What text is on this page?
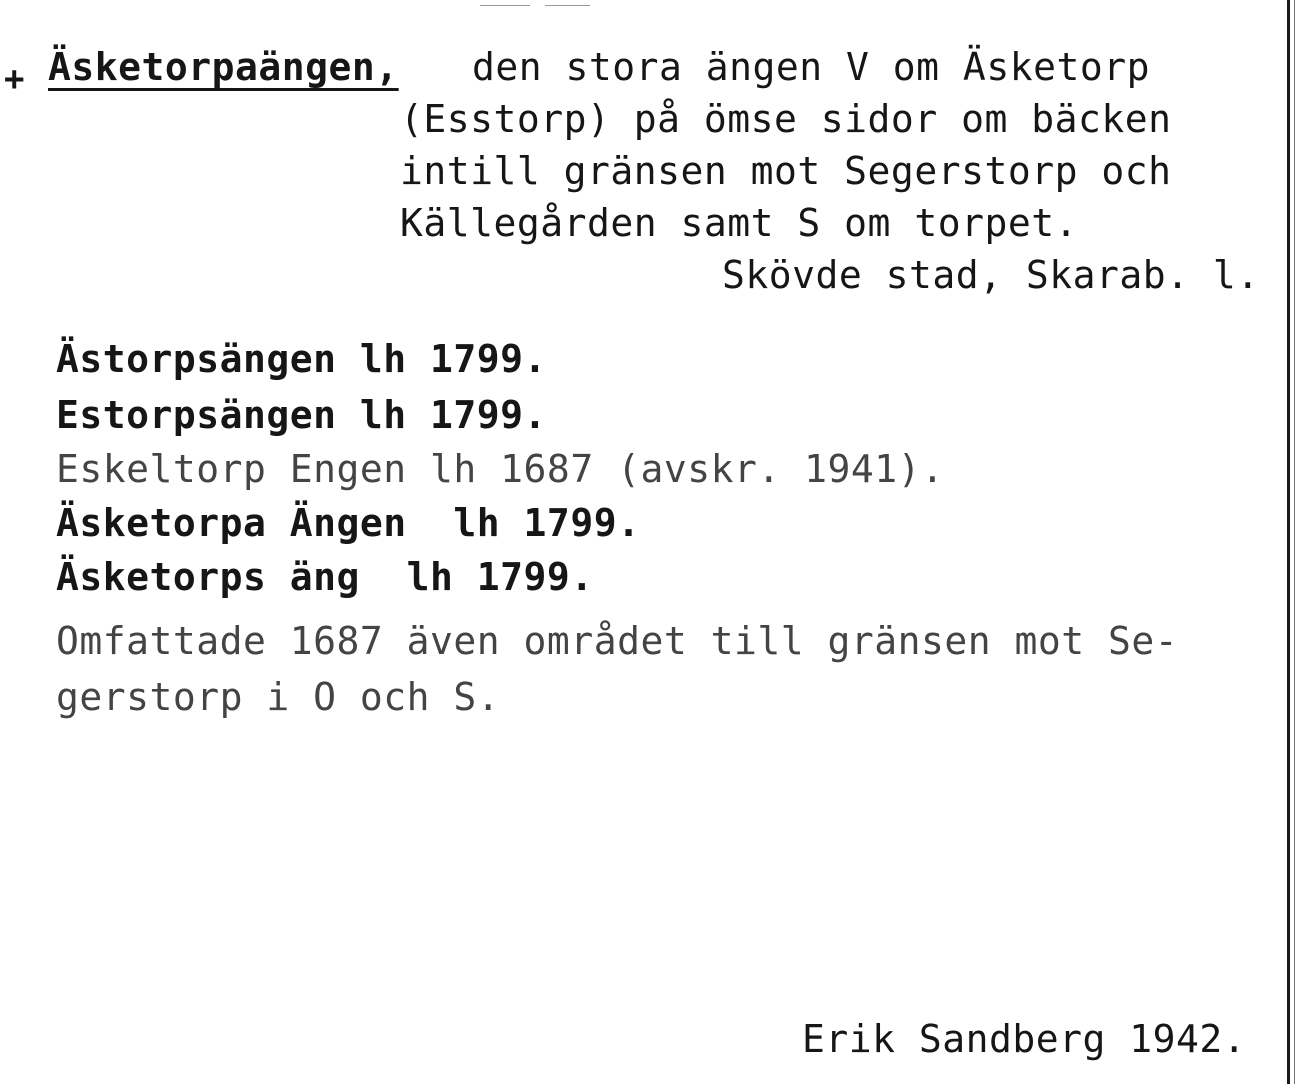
+ Äsketorpaängen, den stora ängen V om Äsketorp
(Esstorp) på ömse sidor om bäcken
intill gränsen mot Segerstorp och
Källegården samt S om torpet.
Skövde stad, Skarab. l.
Ästorpsängen lh 1799.
Estorpsängen lh 1799.
Eskeltorp Engen lh 1687 (avskr. 1941).
Äsketorpa Ängen  lh 1799.
Äsketorps äng  lh 1799.
Omfattade 1687 även området till gränsen mot Se-
gerstorp i O och S.
Erik Sandberg 1942.
